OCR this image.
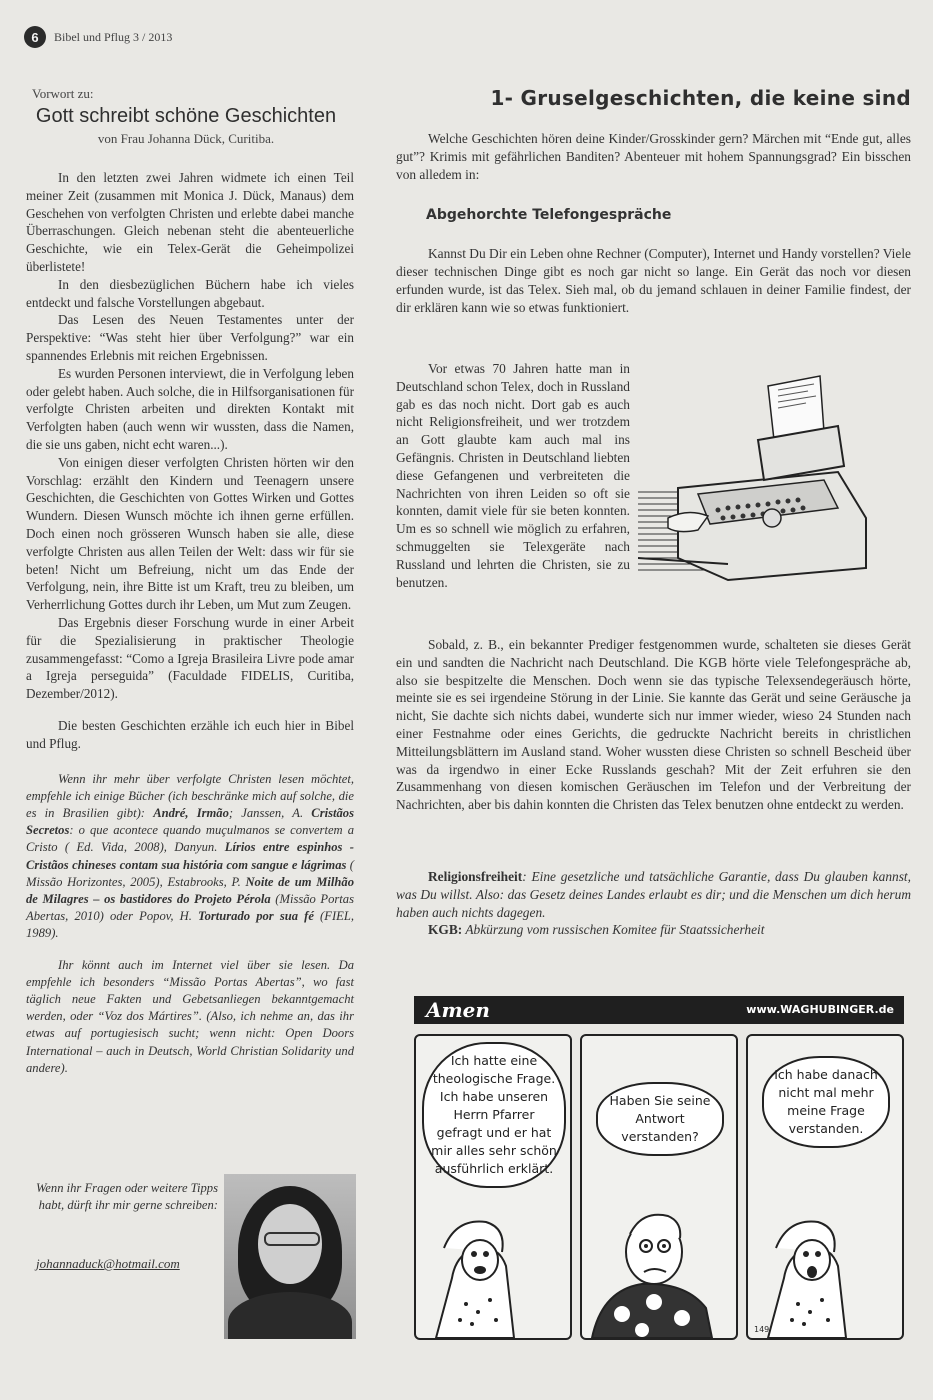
6	Bibel und Pflug 3 / 2013
Vorwort zu:
Gott schreibt schöne Geschichten
von Frau Johanna Dück, Curitiba.

In den letzten zwei Jahren widmete ich einen Teil meiner Zeit (zusammen mit Monica J. Dück, Manaus) dem Geschehen von verfolgten Christen und erlebte dabei manche Überraschungen. Gleich nebenan steht die abenteuerliche Geschichte, wie ein Telex-Gerät die Geheimpolizei überlistete!

In den diesbezüglichen Büchern habe ich vieles entdeckt und falsche Vorstellungen abgebaut.

Das Lesen des Neuen Testamentes unter der Perspektive: “Was steht hier über Verfolgung?” war ein spannendes Erlebnis mit reichen Ergebnissen.

Es wurden Personen interviewt, die in Verfolgung leben oder gelebt haben. Auch solche, die in Hilfsorganisationen für verfolgte Christen arbeiten und direkten Kontakt mit Verfolgten haben (auch wenn wir wussten, dass die Namen, die sie uns gaben, nicht echt waren...).

Von einigen dieser verfolgten Christen hörten wir den Vorschlag: erzählt den Kindern und Teenagern unsere Geschichten, die Geschichten von Gottes Wirken und Gottes Wundern. Diesen Wunsch möchte ich ihnen gerne erfüllen. Doch einen noch grösseren Wunsch haben sie alle, diese verfolgte Christen aus allen Teilen der Welt: dass wir für sie beten! Nicht um Befreiung, nicht um das Ende der Verfolgung, nein, ihre Bitte ist um Kraft, treu zu bleiben, um Verherrlichung Gottes durch ihr Leben, um Mut zum Zeugen.

Das Ergebnis dieser Forschung wurde in einer Arbeit für die Spezialisierung in praktischer Theologie zusammengefasst: “Como a Igreja Brasileira Livre pode amar a Igreja perseguida” (Faculdade FIDELIS, Curitiba, Dezember/2012).

Die besten Geschichten erzähle ich euch hier in Bibel und Pflug.

Wenn ihr mehr über verfolgte Christen lesen möchtet, empfehle ich einige Bücher (ich beschränke mich auf solche, die es in Brasilien gibt): André, Irmão; Janssen, A. Cristãos Secretos: o que acontece quando muçulmanos se convertem a Cristo ( Ed. Vida, 2008), Danyun. Lírios entre espinhos - Cristãos chineses contam sua história com sangue e lágrimas ( Missão Horizontes, 2005), Estabrooks, P. Noite de um Milhão de Milagres – os bastidores do Projeto Pérola (Missão Portas Abertas, 2010) oder Popov, H. Torturado por sua fé (FIEL, 1989).

Ihr könnt auch im Internet viel über sie lesen. Da empfehle ich besonders “Missão Portas Abertas”, wo fast täglich neue Fakten und Gebetsanliegen bekanntgemacht werden, oder “Voz dos Mártires”. (Also, ich nehme an, das ihr etwas auf portugiesisch sucht; wenn nicht: Open Doors International – auch in Deutsch, World Christian Solidarity und andere).

Wenn ihr Fragen oder weitere Tipps habt, dürft ihr mir gerne schreiben:
johannaduck@hotmail.com
1- Gruselgeschichten, die keine sind

Welche Geschichten hören deine Kinder/Grosskinder gern? Märchen mit “Ende gut, alles gut”? Krimis mit gefährlichen Banditen? Abenteuer mit hohem Spannungsgrad? Ein bisschen von alledem in:

Abgehorchte Telefongespräche

Kannst Du Dir ein Leben ohne Rechner (Computer), Internet und Handy vorstellen? Viele dieser technischen Dinge gibt es noch gar nicht so lange. Ein Gerät das noch vor diesen erfunden wurde, ist das Telex. Sieh mal, ob du jemand schlauen in deiner Familie findest, der dir erklären kann wie so etwas funktioniert.

Vor etwas 70 Jahren hatte man in Deutschland schon Telex, doch in Russland gab es das noch nicht. Dort gab es auch nicht Religionsfreiheit, und wer trotzdem an Gott glaubte kam auch mal ins Gefängnis. Christen in Deutschland liebten diese Gefangenen und verbreiteten die Nachrichten von ihren Leiden so oft sie konnten, damit viele für sie beten konnten. Um es so schnell wie möglich zu erfahren, schmuggelten sie Telexgeräte nach Russland und lehrten die Christen, sie zu benutzen.

Sobald, z. B., ein bekannter Prediger festgenommen wurde, schalteten sie dieses Gerät ein und sandten die Nachricht nach Deutschland. Die KGB hörte viele Telefongespräche ab, also sie bespitzelte die Menschen. Doch wenn sie das typische Telexsendegeräusch hörte, meinte sie es sei irgendeine Störung in der Linie. Sie kannte das Gerät und seine Geräusche ja nicht, Sie dachte sich nichts dabei, wunderte sich nur immer wieder, wieso 24 Stunden nach einer Festnahme oder eines Gerichts, die gedruckte Nachricht bereits in christlichen Mitteilungsblättern im Ausland stand. Woher wussten diese Christen so schnell Bescheid über was da irgendwo in einer Ecke Russlands geschah? Mit der Zeit erfuhren sie den Zusammenhang von diesen komischen Geräuschen im Telefon und der Verbreitung der Nachrichten, aber bis dahin konnten die Christen das Telex benutzen ohne entdeckt zu werden.

Religionsfreiheit: Eine gesetzliche und tatsächliche Garantie, dass Du glauben kannst, was Du willst. Also: das Gesetz deines Landes erlaubt es dir; und die Menschen um dich herum haben auch nichts dagegen.

KGB: Abkürzung vom russischen Komitee für Staatssicherheit

Amen	www.WAGHUBINGER.de
Ich hatte eine theologische Frage. Ich habe unseren Herrn Pfarrer gefragt und er hat mir alles sehr schön ausführlich erklärt.
Haben Sie seine Antwort verstanden?
Ich habe danach nicht mal mehr meine Frage verstanden.
149
